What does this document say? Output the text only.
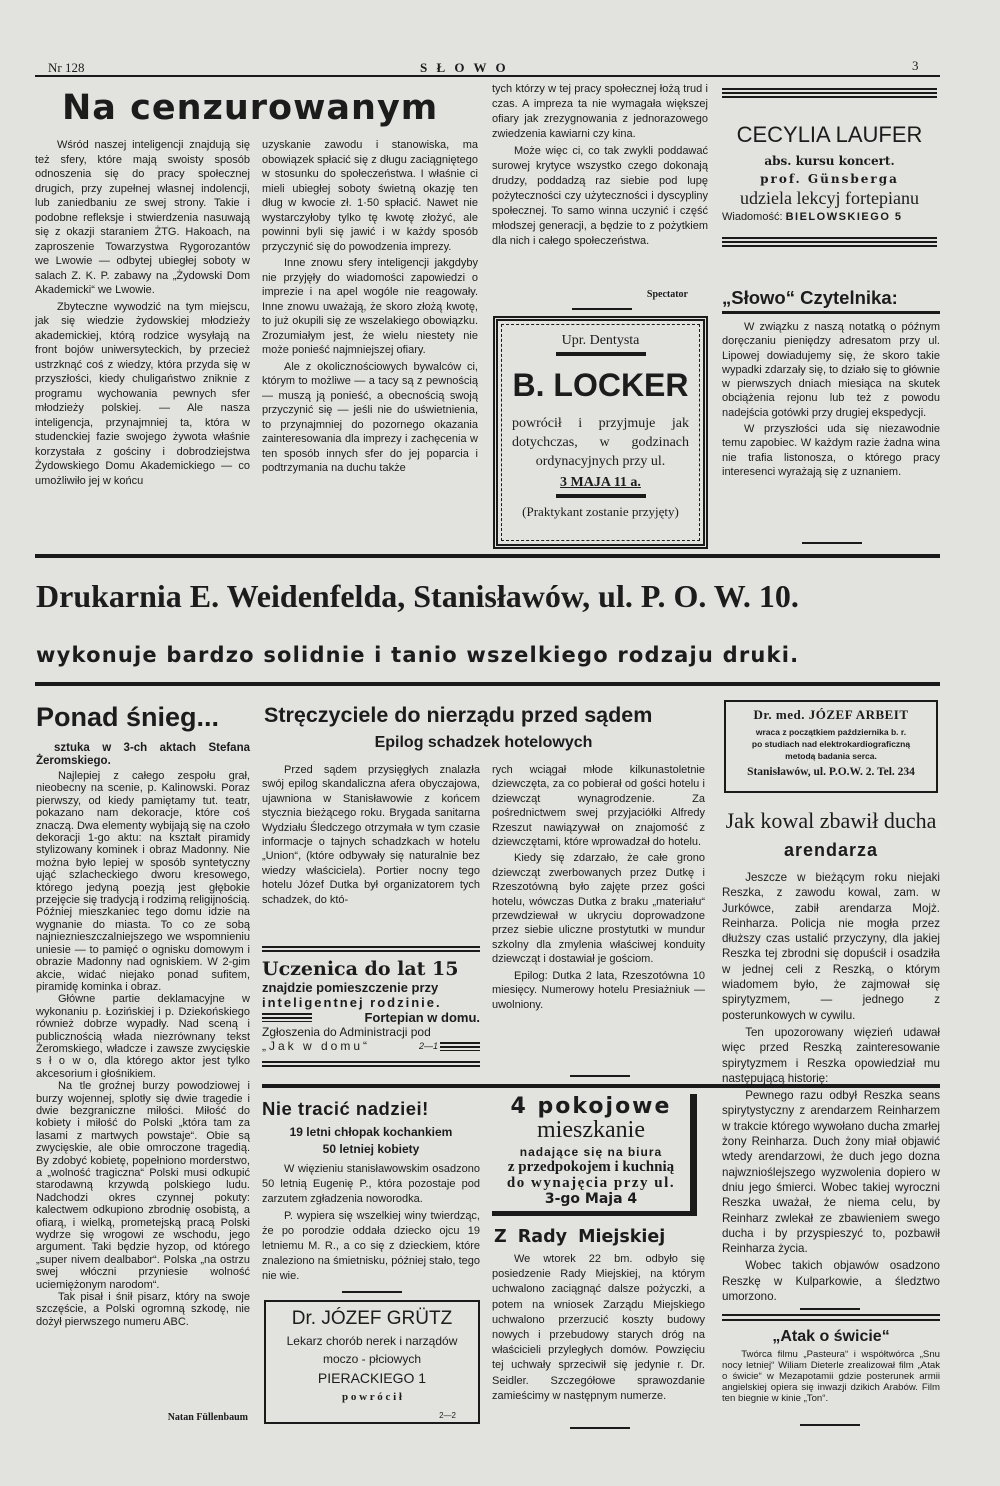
Nr 128	S Ł O W O	3
Na cenzurowanym

Wśród naszej inteligencji znajdują się też sfery, które mają swoisty sposób odnoszenia się do pracy społecznej drugich, przy zupełnej własnej indolencji, lub zaniedbaniu ze swej strony. Takie i podobne refleksje i stwierdzenia nasuwają się z okazji staraniem ŻTG. Hakoach, na zaproszenie Towarzystwa Rygorozantów we Lwowie — odbytej ubiegłej soboty w salach Z. K. P. zabawy na „Żydowski Dom Akademicki“ we Lwowie.

Zbyteczne wywodzić na tym miejscu, jak się wiedzie żydowskiej młodzieży akademickiej, którą rodzice wysyłają na front bojów uniwersyteckich, by przecież ustrzknąć coś z wiedzy, która przyda się w przyszłości, kiedy chuligaństwo zniknie z programu wychowania pewnych sfer młodzieży polskiej. — Ale nasza inteligencja, przynajmniej ta, która w studenckiej fazie swojego żywota właśnie korzystała z gościny i dobrodziejstwa Żydowskiego Domu Akademickiego — co umożliwiło jej w końcu

uzyskanie zawodu i stanowiska, ma obowiązek spłacić się z długu zaciągniętego w stosunku do społeczeństwa. I właśnie ci mieli ubiegłej soboty świetną okazję ten dług w kwocie zł. 1·50 spłacić. Nawet nie wystarczyłoby tylko tę kwotę złożyć, ale powinni byli się jawić i w każdy sposób przyczynić się do powodzenia imprezy.

Inne znowu sfery inteligencji jakgdyby nie przyjęły do wiadomości zapowiedzi o imprezie i na apel wogóle nie reagowały. Inne znowu uważają, że skoro złożą kwotę, to już okupili się ze wszelakiego obowiązku. Zrozumiałym jest, że wielu niestety nie może ponieść najmniejszej ofiary.

Ale z okolicznościowych bywalców ci, którym to możliwe — a tacy są z pewnością — muszą ją ponieść, a obecnością swoją przyczynić się — jeśli nie do uświetnienia, to przynajmniej do pozornego okazania zainteresowania dla imprezy i zachęcenia w ten sposób innych sfer do jej poparcia i podtrzymania na duchu także

tych którzy w tej pracy społecznej łożą trud i czas. A impreza ta nie wymagała większej ofiary jak zrezygnowania z jednorazowego zwiedzenia kawiarni czy kina.

Może więc ci, co tak zwykli poddawać surowej krytyce wszystko czego dokonają drudzy, poddadzą raz siebie pod lupę pożyteczności czy użyteczności i dyscypliny społecznej. To samo winna uczynić i część młodszej generacji, a będzie to z pożytkiem dla nich i całego społeczeństwa.

Spectator
Upr. Dentysta
B. LOCKER
powrócił i przyjmuje jak dotychczas, w godzinach ordynacyjnych przy ul.
3 MAJA 11 a.
(Praktykant zostanie przyjęty)
CECYLIA LAUFER
abs. kursu koncert.
prof. Günsberga
udziela lekcyj fortepianu
Wiadomość: BIELOWSKIEGO 5
„Słowo“ Czytelnika:

W związku z naszą notatką o późnym doręczaniu pieniędzy adresatom przy ul. Lipowej dowiadujemy się, że skoro takie wypadki zdarzały się, to działo się to głównie w pierwszych dniach miesiąca na skutek obciążenia rejonu lub też z powodu nadejścia gotówki przy drugiej ekspedycji.

W przyszłości uda się niezawodnie temu zapobiec. W każdym razie żadna wina nie trafia listonosza, o którego pracy interesenci wyrażają się z uznaniem.

Drukarnia E. Weidenfelda, Stanisławów, ul. P. O. W. 10.
wykonuje bardzo solidnie i tanio wszelkiego rodzaju druki.
Ponad śnieg...
sztuka w 3-ch aktach Stefana Żeromskiego.

Najlepiej z całego zespołu grał, nieobecny na scenie, p. Kalinowski. Poraz pierwszy, od kiedy pamiętamy tut. teatr, pokazano nam dekoracje, które coś znaczą. Dwa elementy wybijają się na czoło dekoracji 1-go aktu: na kształt piramidy stylizowany kominek i obraz Madonny. Nie można było lepiej w sposób syntetyczny ująć szlacheckiego dworu kresowego, którego jedyną poezją jest głębokie przejęcie się tradycją i rodzimą religijnością. Później mieszkaniec tego domu idzie na wygnanie do miasta. To co ze sobą najnieznieszczalniejszego we wspomnieniu uniesie — to pamięć o ognisku domowym i obrazie Madonny nad ogniskiem. W 2-gim akcie, widać niejako ponad sufitem, piramidę kominka i obraz.

Główne partie deklamacyjne w wykonaniu p. Łozińskiej i p. Dziekońskiego również dobrze wypadły. Nad sceną i publicznością włada niezrównany tekst Żeromskiego, władcze i zawsze zwycięskie s ł o w o, dla którego aktor jest tylko akcesorium i głośnikiem.

Na tle groźnej burzy powodziowej i burzy wojennej, splotły się dwie tragedie i dwie bezgraniczne miłości. Miłość do kobiety i miłość do Polski „która tam za lasami z martwych powstaje“. Obie są zwycięskie, ale obie omroczone tragedią. By zdobyć kobietę, popełniono morderstwo, a „wolność tragiczna“ Polski musi odkupić starodawną krzywdą polskiego ludu. Nadchodzi okres czynnej pokuty: kalectwem odkupiono zbrodnię osobistą, a ofiarą, i wielką, prometejską pracą Polski wydrze się wrogowi ze wschodu, jego argument. Taki będzie hyzop, od którego „super nivem dealbabor“. Polska „na ostrzu swej włóczni przyniesie wolność uciemiężonym narodom“.

Tak pisał i śnił pisarz, który na swoje szczęście, a Polski ogromną szkodę, nie dożył pierwszego numeru ABC.

Natan Füllenbaum
Stręczyciele do nierządu przed sądem
Epilog schadzek hotelowych

Przed sądem przysięgłych znalazła swój epilog skandaliczna afera obyczajowa, ujawniona w Stanisławowie z końcem stycznia bieżącego roku. Brygada sanitarna Wydziału Śledczego otrzymała w tym czasie informacje o tajnych schadzkach w hotelu „Union“, (które odbywały się naturalnie bez wiedzy właściciela). Portier nocny tego hotelu Józef Dutka był organizatorem tych schadzek, do któ-

rych wciągał młode kilkunastoletnie dziewczęta, za co pobierał od gości hotelu i dziewcząt wynagrodzenie. Za pośrednictwem swej przyjaciółki Alfredy Rzeszut nawiązywał on znajomość z dziewczętami, które wprowadzał do hotelu.

Kiedy się zdarzało, że całe grono dziewcząt zwerbowanych przez Dutkę i Rzeszotówną było zajęte przez gości hotelu, wówczas Dutka z braku „materiału“ przewdziewał w ukryciu doprowadzone przez siebie uliczne prostytutki w mundur szkolny dla zmylenia właściwej konduity dziewcząt i dostawiał je gościom.

Epilog: Dutka 2 lata, Rzeszotówna 10 miesięcy. Numerowy hotelu Presiażniuk — uwolniony.

Uczenica do lat 15
znajdzie pomieszczenie przy
inteligentnej rodzinie.
Fortepian w domu.
Zgłoszenia do Administracji pod
„Jak w domu“	2—1
Nie tracić nadziei!
19 letni chłopak kochankiem
50 letniej kobiety

W więzieniu stanisławowskim osadzono 50 letnią Eugenię P., która pozostaje pod zarzutem zgładzenia noworodka.

P. wypiera się wszelkiej winy twierdząc, że po porodzie oddała dziecko ojcu 19 letniemu M. R., a co się z dzieckiem, które znaleziono na śmietnisku, później stało, tego nie wie.

Dr. JÓZEF GRÜTZ
Lekarz chorób nerek i narządów
moczo - płciowych
PIERACKIEGO 1
p o w r ó c i ł
2—2
4 pokojowe
mieszkanie
nadające się na biura
z przedpokojem i kuchnią
do wynajęcia przy ul.
3-go Maja 4
Z Rady Miejskiej

We wtorek 22 bm. odbyło się posiedzenie Rady Miejskiej, na którym uchwalono zaciągnąć dalsze pożyczki, a potem na wniosek Zarządu Miejskiego uchwalono przerzucić koszty budowy nowych i przebudowy starych dróg na właścicieli przyległych domów. Powzięciu tej uchwały sprzeciwił się jedynie r. Dr. Seidler. Szczegółowe sprawozdanie zamieścimy w następnym numerze.

Dr. med. JÓZEF ARBEIT
wraca z początkiem października b. r.
po studiach nad elektrokardiograficzną
metodą badania serca.
Stanisławów, ul. P.O.W. 2. Tel. 234
Jak kowal zbawił ducha
arendarza

Jeszcze w bieżącym roku niejaki Reszka, z zawodu kowal, zam. w Jurkówce, zabił arendarza Mojż. Reinharza. Policja nie mogła przez dłuższy czas ustalić przyczyny, dla jakiej Reszka tej zbrodni się dopuścił i osadziła w jednej celi z Reszką, o którym wiadomem było, że zajmował się spirytyzmem, — jednego z posterunkowych w cywilu.

Ten upozorowany więzień udawał więc przed Reszką zainteresowanie spirytyzmem i Reszka opowiedział mu następującą historię:

Pewnego razu odbył Reszka seans spirytystyczny z arendarzem Reinharzem w trakcie którego wywołano ducha zmarłej żony Reinharza. Duch żony miał objawić wtedy arendarzowi, że duch jego dozna najwznioślejszego wyzwolenia dopiero w dniu jego śmierci. Wobec takiej wyroczni Reszka uważał, że niema celu, by Reinharz zwlekał ze zbawieniem swego ducha i by przyspieszyć to, pozbawił Reinharza życia.

Wobec takich objawów osadzono Reszkę w Kulparkowie, a śledztwo umorzono.

„Atak o świcie“

Twórca filmu „Pasteura“ i współtwórca „Snu nocy letniej“ Wiliam Dieterle zrealizował film „Atak o świcie“ w Mezapotamii gdzie posterunek armii angielskiej opiera się inwazji dzikich Arabów. Film ten biegnie w kinie „Ton“.
